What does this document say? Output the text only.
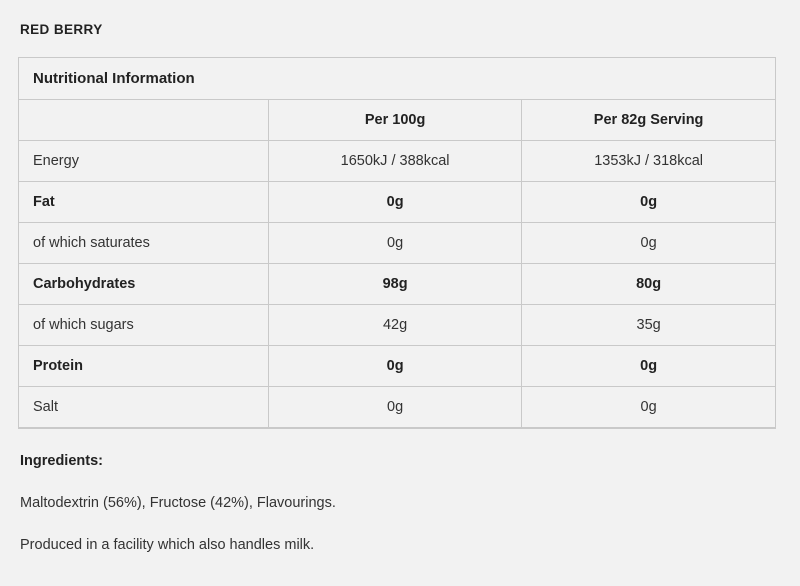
RED BERRY
Nutritional Information		
	Per 100g	Per 82g Serving
Energy	1650kJ / 388kcal	1353kJ / 318kcal
Fat	0g	0g
of which saturates	0g	0g
Carbohydrates	98g	80g
of which sugars	42g	35g
Protein	0g	0g
Salt	0g	0g
Ingredients:
Maltodextrin (56%), Fructose (42%), Flavourings.
Produced in a facility which also handles milk.
